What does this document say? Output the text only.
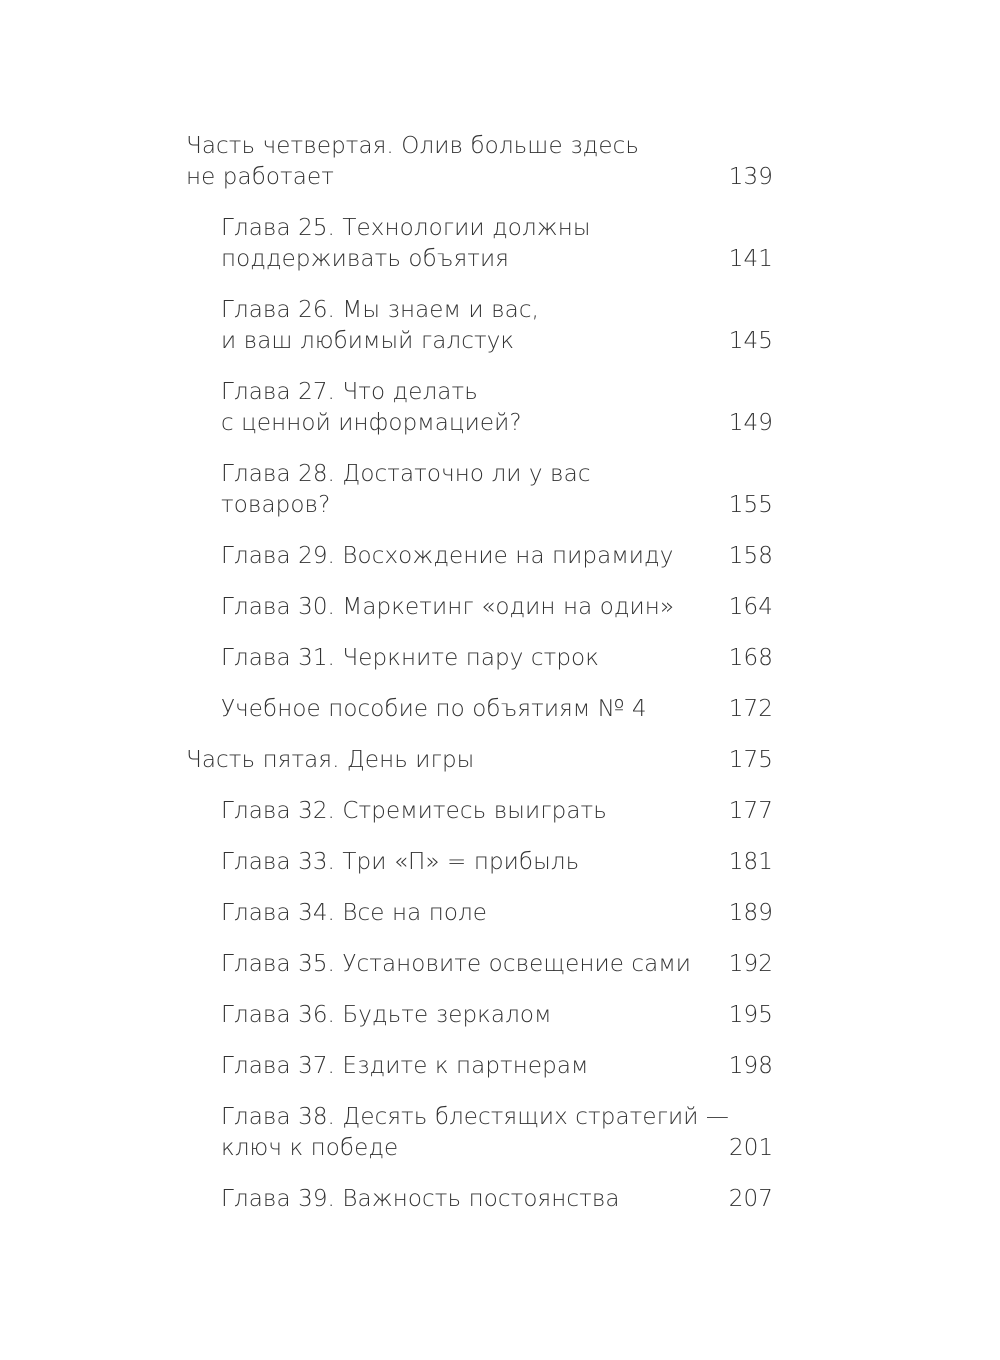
Часть четвертая. Олив больше здесь
не работает	139
Глава 25. Технологии должны
поддерживать объятия	141
Глава 26. Мы знаем и вас,
и ваш любимый галстук	145
Глава 27. Что делать
с ценной информацией?	149
Глава 28. Достаточно ли у вас
товаров?	155
Глава 29. Восхождение на пирамиду 158
Глава 30. Маркетинг «один на один» 164
Глава 31. Черкните пару строк	168
Учебное пособие по объятиям № 4	172
Часть пятая. День игры	175
Глава 32. Стремитесь выиграть	177
Глава 33. Три «П» = прибыль	181
Глава 34. Все на поле	189
Глава 35. Установите освещение сами 192
Глава 36. Будьте зеркалом	195
Глава 37. Ездите к партнерам	198
Глава 38. Десять блестящих стратегий —
ключ к победе	201
Глава 39. Важность постоянства	207
